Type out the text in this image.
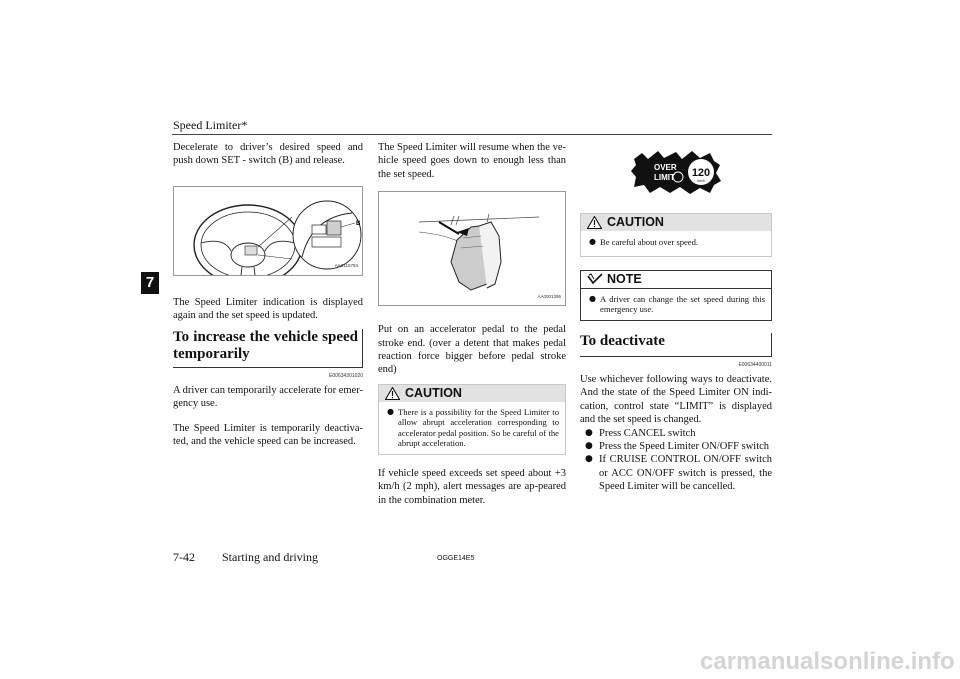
Speed Limiter*
7

Decelerate to driver’s desired speed and push down SET - switch (B) and release.

B
AA0115784

The Speed Limiter indication is displayed again and the set speed is updated.

To increase the vehicle speed temporarily
E00634301020

A driver can temporarily accelerate for emer-gency use.

The Speed Limiter is temporarily deactiva-ted, and the vehicle speed can be increased.

The Speed Limiter will resume when the ve-hicle speed goes down to enough less than the set speed.

AA0001395

Put on an accelerator pedal to the pedal stroke end. (over a detent that makes pedal reaction force bigger before pedal stroke end)

CAUTION
● There is a possibility for the Speed Limiter to allow abrupt acceleration corresponding to accelerator pedal position. So be careful of the abrupt acceleration.

If vehicle speed exceeds set speed about +3 km/h (2 mph), alert messages are ap-peared in the combination meter.

OVER
LIMIT 120
km/h
CAUTION
● Be careful about over speed.
NOTE
● A driver can change the set speed during this emergency use.
To deactivate
E00634400011

Use whichever following ways to deactivate. And the state of the Speed Limiter ON indi-cation, control state “LIMIT” is displayed and the set speed is changed.

● Press CANCEL switch
● Press the Speed Limiter ON/OFF switch
● If CRUISE CONTROL ON/OFF switch or ACC ON/OFF switch is pressed, the Speed Limiter will be cancelled.
7-42 Starting and driving	OGGE14E5
carmanualsonline.info
